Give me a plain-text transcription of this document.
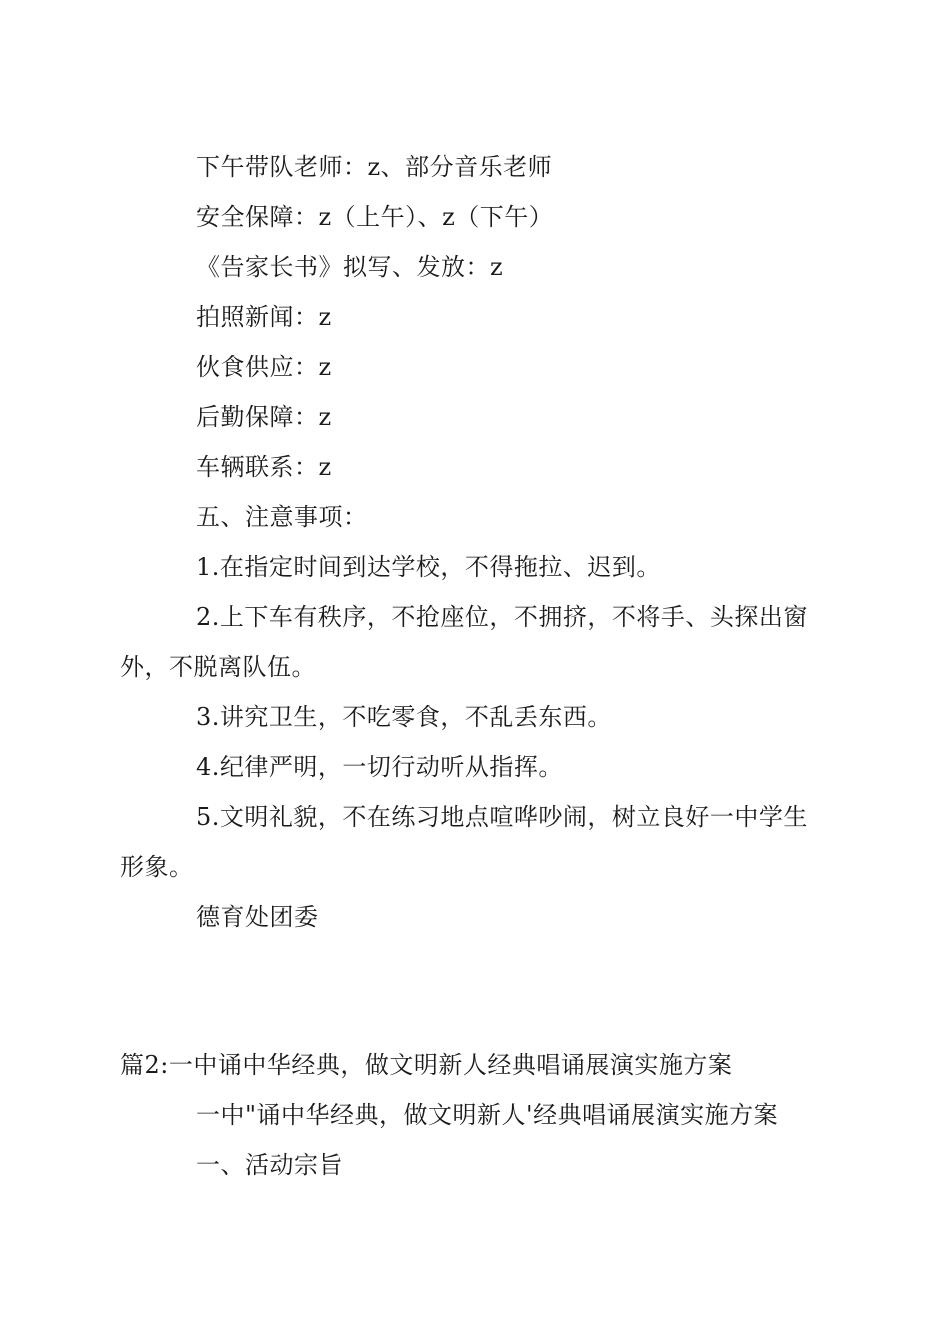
下午带队老师：z、部分音乐老师
安全保障：z（上午）、z（下午）
《告家长书》拟写、发放：z
拍照新闻：z
伙食供应：z
后勤保障：z
车辆联系：z
五、注意事项：
1.在指定时间到达学校，不得拖拉、迟到。
2.上下车有秩序，不抢座位，不拥挤，不将手、头探出窗
外，不脱离队伍。
3.讲究卫生，不吃零食，不乱丢东西。
4.纪律严明，一切行动听从指挥。
5.文明礼貌，不在练习地点喧哗吵闹，树立良好一中学生
形象。
德育处团委
篇2:一中诵中华经典，做文明新人经典唱诵展演实施方案
一中"诵中华经典，做文明新人'经典唱诵展演实施方案
一、活动宗旨
